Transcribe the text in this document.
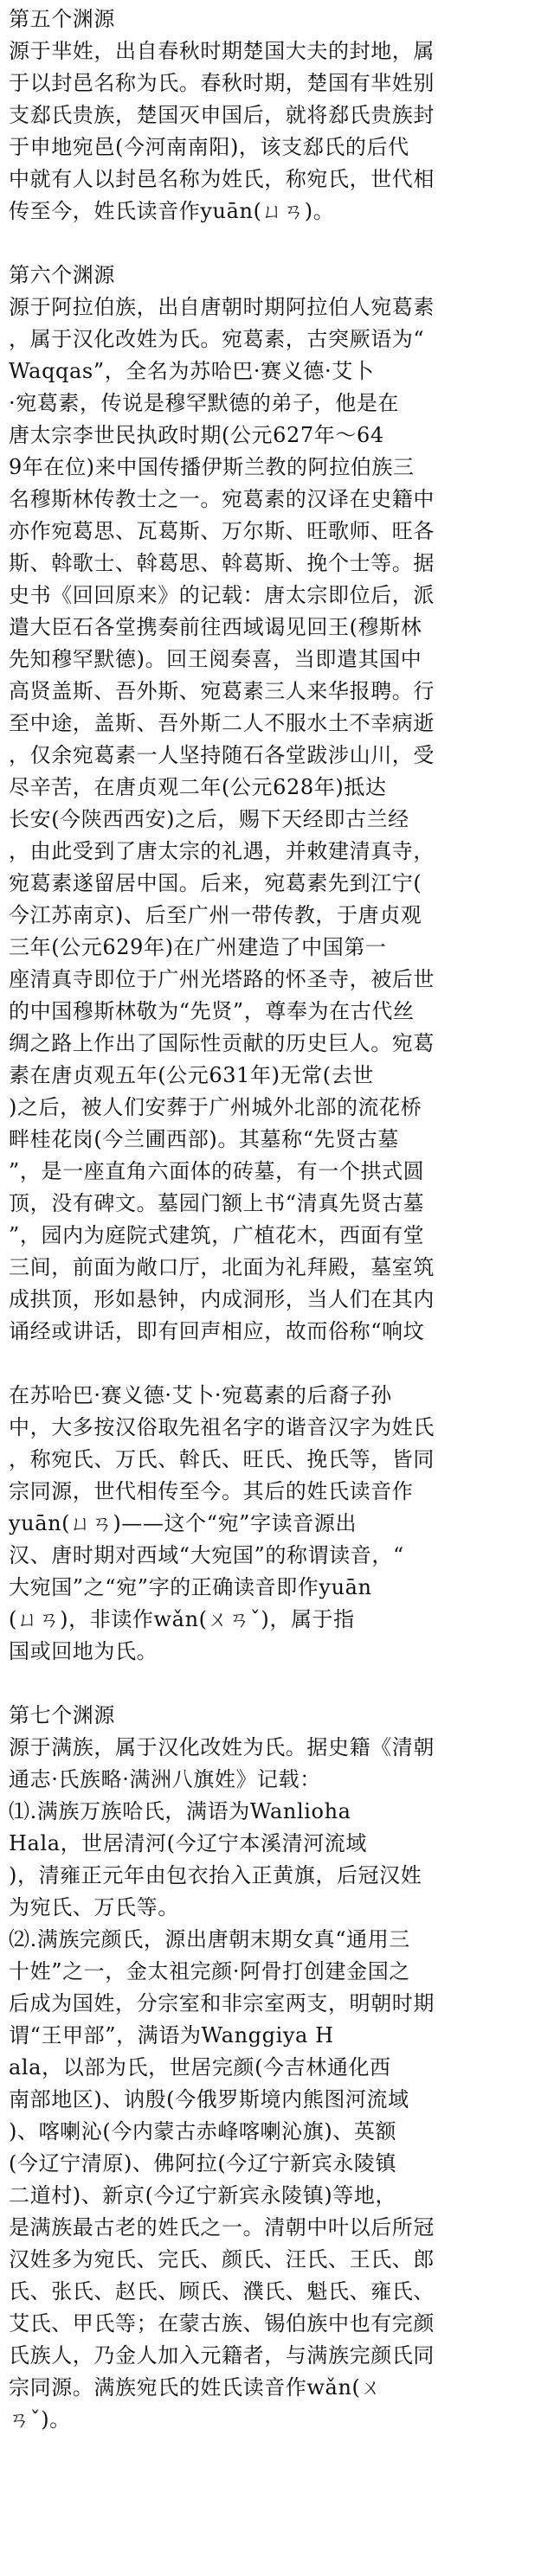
第五个渊源
源于芈姓，出自春秋时期楚国大夫的封地，属
于以封邑名称为氏。春秋时期，楚国有芈姓别
支郄氏贵族，楚国灭申国后，就将郄氏贵族封
于申地宛邑(今河南南阳)，该支郄氏的后代
中就有人以封邑名称为姓氏，称宛氏，世代相
传至今，姓氏读音作yuān(ㄩㄢ)。
第六个渊源
源于阿拉伯族，出自唐朝时期阿拉伯人宛葛素
，属于汉化改姓为氏。宛葛素，古突厥语为“
Waqqas”，全名为苏哈巴·赛义德·艾卜
·宛葛素，传说是穆罕默德的弟子，他是在
唐太宗李世民执政时期(公元627年～64
9年在位)来中国传播伊斯兰教的阿拉伯族三
名穆斯林传教士之一。宛葛素的汉译在史籍中
亦作宛葛思、瓦葛斯、万尔斯、旺歌师、旺各
斯、斡歌士、斡葛思、斡葛斯、挽个士等。据
史书《回回原来》的记载：唐太宗即位后，派
遣大臣石各堂携奏前往西域谒见回王(穆斯林
先知穆罕默德)。回王阅奏喜，当即遣其国中
高贤盖斯、吾外斯、宛葛素三人来华报聘。行
至中途，盖斯、吾外斯二人不服水土不幸病逝
，仅余宛葛素一人坚持随石各堂跋涉山川，受
尽辛苦，在唐贞观二年(公元628年)抵达
长安(今陕西西安)之后，赐下天经即古兰经
，由此受到了唐太宗的礼遇，并敕建清真寺，
宛葛素遂留居中国。后来，宛葛素先到江宁(
今江苏南京)、后至广州一带传教，于唐贞观
三年(公元629年)在广州建造了中国第一
座清真寺即位于广州光塔路的怀圣寺，被后世
的中国穆斯林敬为“先贤”，尊奉为在古代丝
绸之路上作出了国际性贡献的历史巨人。宛葛
素在唐贞观五年(公元631年)无常(去世
)之后，被人们安葬于广州城外北部的流花桥
畔桂花岗(今兰圃西部)。其墓称“先贤古墓
”，是一座直角六面体的砖墓，有一个拱式圆
顶，没有碑文。墓园门额上书“清真先贤古墓
”，园内为庭院式建筑，广植花木，西面有堂
三间，前面为敞口厅，北面为礼拜殿，墓室筑
成拱顶，形如悬钟，内成洞形，当人们在其内
诵经或讲话，即有回声相应，故而俗称“响坟
在苏哈巴·赛义德·艾卜·宛葛素的后裔子孙
中，大多按汉俗取先祖名字的谐音汉字为姓氏
，称宛氏、万氏、斡氏、旺氏、挽氏等，皆同
宗同源，世代相传至今。其后的姓氏读音作
yuān(ㄩㄢ)——这个“宛”字读音源出
汉、唐时期对西域“大宛国”的称谓读音，“
大宛国”之“宛”字的正确读音即作yuān
(ㄩㄢ)，非读作wǎn(ㄨㄢˇ)，属于指
国或回地为氏。
第七个渊源
源于满族，属于汉化改姓为氏。据史籍《清朝
通志·氏族略·满洲八旗姓》记载：
⑴.满族万族哈氏，满语为Wanlioha
Hala，世居清河(今辽宁本溪清河流域
)，清雍正元年由包衣抬入正黄旗，后冠汉姓
为宛氏、万氏等。
⑵.满族完颜氏，源出唐朝末期女真“通用三
十姓”之一，金太祖完颜·阿骨打创建金国之
后成为国姓，分宗室和非宗室两支，明朝时期
谓“王甲部”，满语为Wanggiya H
ala，以部为氏，世居完颜(今吉林通化西
南部地区)、讷殷(今俄罗斯境内熊图河流域
)、喀喇沁(今内蒙古赤峰喀喇沁旗)、英额
(今辽宁清原)、佛阿拉(今辽宁新宾永陵镇
二道村)、新京(今辽宁新宾永陵镇)等地，
是满族最古老的姓氏之一。清朝中叶以后所冠
汉姓多为宛氏、完氏、颜氏、汪氏、王氏、郎
氏、张氏、赵氏、顾氏、濮氏、魁氏、雍氏、
艾氏、甲氏等；在蒙古族、锡伯族中也有完颜
氏族人，乃金人加入元籍者，与满族完颜氏同
宗同源。满族宛氏的姓氏读音作wǎn(ㄨ
ㄢˇ)。
